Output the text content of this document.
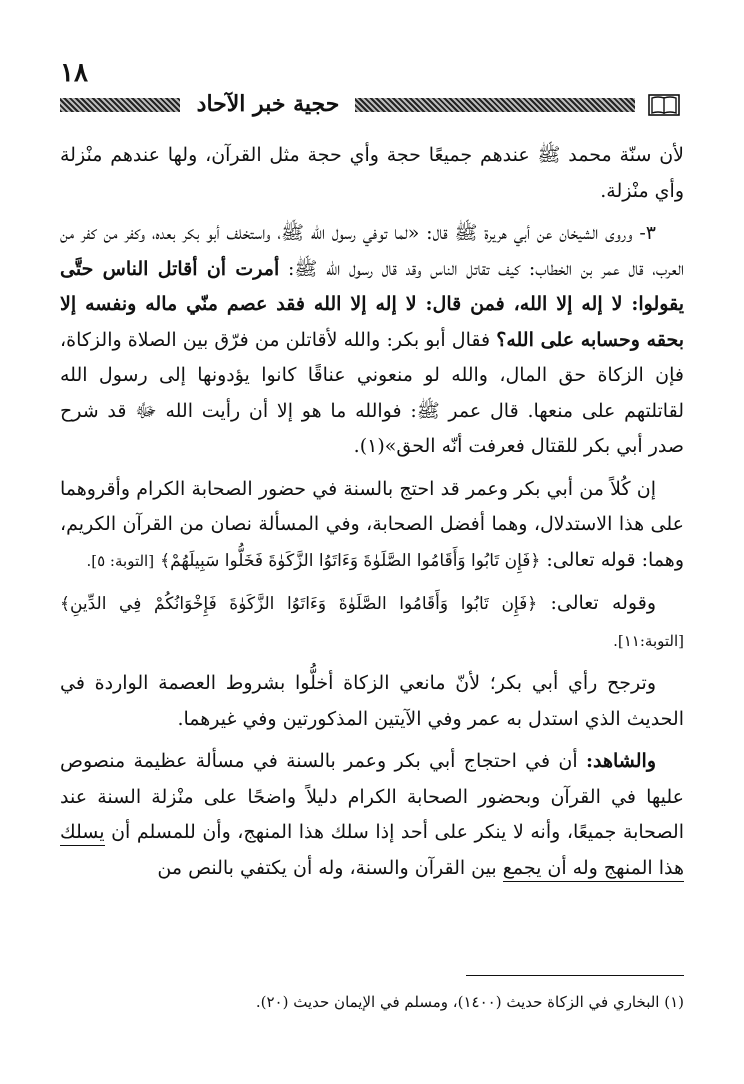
١٨
حجية خبر الآحاد

لأن سنّة محمد ﷺ عندهم جميعًا حجة وأي حجة مثل القرآن، ولها عندهم منْزلة وأي منْزلة.

٣- وروى الشيخان عن أبي هريرة ﷺ قال: «لما توفي رسول الله ﷺ، واستخلف أبو بكر بعده، وكفر من كفر من العرب، قال عمر بن الخطاب: كيف تقاتل الناس وقد قال رسول الله ﷺ: أمرت أن أقاتل الناس حتَّى يقولوا: لا إله إلا الله، فمن قال: لا إله إلا الله فقد عصم منّي ماله ونفسه إلا بحقه وحسابه على الله؟ فقال أبو بكر: والله لأقاتلن من فرّق بين الصلاة والزكاة، فإن الزكاة حق المال، والله لو منعوني عناقًا كانوا يؤدونها إلى رسول الله لقاتلتهم على منعها. قال عمر ﷺ: فوالله ما هو إلا أن رأيت الله ﷻ قد شرح صدر أبي بكر للقتال فعرفت أنّه الحق»(١).

إن كُلاً من أبي بكر وعمر قد احتج بالسنة في حضور الصحابة الكرام وأقروهما على هذا الاستدلال، وهما أفضل الصحابة، وفي المسألة نصان من القرآن الكريم، وهما: قوله تعالى: ﴿فَإِن تَابُوا وَأَقَامُوا الصَّلَوٰةَ وَءَاتَوُا الزَّكَوٰةَ فَخَلُّوا سَبِيلَهُمْ﴾ [التوبة: ٥].

وقوله تعالى: ﴿فَإِن تَابُوا وَأَقَامُوا الصَّلَوٰةَ وَءَاتَوُا الزَّكَوٰةَ فَإِخْوَانُكُمْ فِي الدِّينِ﴾ [التوبة:١١].

وترجح رأي أبي بكر؛ لأنّ مانعي الزكاة أخلُّوا بشروط العصمة الواردة في الحديث الذي استدل به عمر وفي الآيتين المذكورتين وفي غيرهما.

والشاهد: أن في احتجاج أبي بكر وعمر بالسنة في مسألة عظيمة منصوص عليها في القرآن وبحضور الصحابة الكرام دليلاً واضحًا على منْزلة السنة عند الصحابة جميعًا، وأنه لا ينكر على أحد إذا سلك هذا المنهج، وأن للمسلم أن يسلك هذا المنهج وله أن يجمع بين القرآن والسنة، وله أن يكتفي بالنص من

(١) البخاري في الزكاة حديث (١٤٠٠)، ومسلم في الإيمان حديث (٢٠).
